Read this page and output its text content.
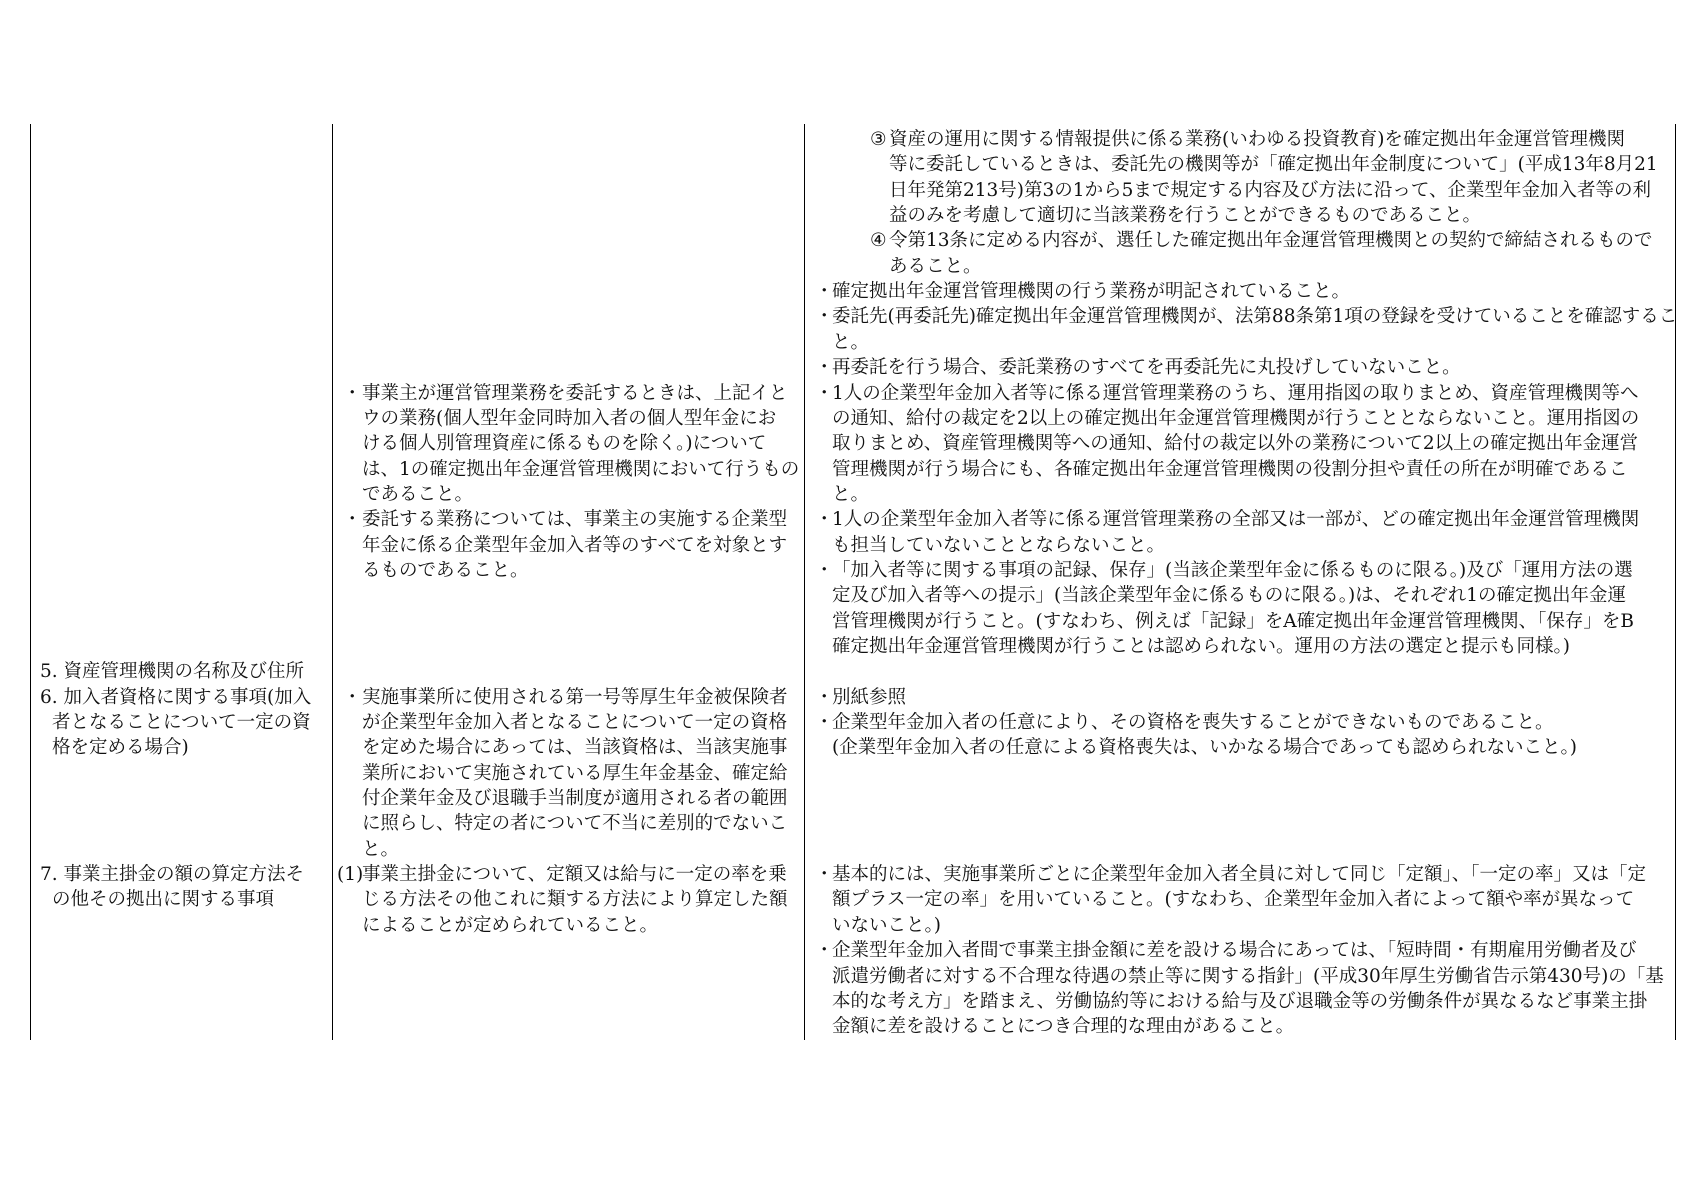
5. 資産管理機関の名称及び住所
6. 加入者資格に関する事項(加入
者となることについて一定の資
格を定める場合)
7. 事業主掛金の額の算定方法そ
の他その拠出に関する事項
・ 事業主が運営管理業務を委託するときは、上記イと
ウの業務(個人型年金同時加入者の個人型年金にお
ける個人別管理資産に係るものを除く。)について
は、1の確定拠出年金運営管理機関において行うもの
であること。
・ 委託する業務については、事業主の実施する企業型
年金に係る企業型年金加入者等のすべてを対象とす
るものであること。
・ 実施事業所に使用される第一号等厚生年金被保険者
が企業型年金加入者となることについて一定の資格
を定めた場合にあっては、当該資格は、当該実施事
業所において実施されている厚生年金基金、確定給
付企業年金及び退職手当制度が適用される者の範囲
に照らし、特定の者について不当に差別的でないこ
と。
(1)
事業主掛金について、定額又は給与に一定の率を乗
じる方法その他これに類する方法により算定した額
によることが定められていること。
③ 資産の運用に関する情報提供に係る業務(いわゆる投資教育)を確定拠出年金運営管理機関
等に委託しているときは、委託先の機関等が「確定拠出年金制度について」(平成13年8月21
日年発第213号)第3の1から5まで規定する内容及び方法に沿って、企業型年金加入者等の利
益のみを考慮して適切に当該業務を行うことができるものであること。
④ 令第13条に定める内容が、選任した確定拠出年金運営管理機関との契約で締結されるもので
あること。
・
確定拠出年金運営管理機関の行う業務が明記されていること。
・
委託先(再委託先)確定拠出年金運営管理機関が、法第88条第1項の登録を受けていることを確認するこ
と。
・
再委託を行う場合、委託業務のすべてを再委託先に丸投げしていないこと。
・
1人の企業型年金加入者等に係る運営管理業務のうち、運用指図の取りまとめ、資産管理機関等へ
の通知、給付の裁定を2以上の確定拠出年金運営管理機関が行うこととならないこと。運用指図の
取りまとめ、資産管理機関等への通知、給付の裁定以外の業務について2以上の確定拠出年金運営
管理機関が行う場合にも、各確定拠出年金運営管理機関の役割分担や責任の所在が明確であるこ
と。
・
1人の企業型年金加入者等に係る運営管理業務の全部又は一部が、どの確定拠出年金運営管理機関
も担当していないこととならないこと。
・
「加入者等に関する事項の記録、保存」(当該企業型年金に係るものに限る。)及び「運用方法の選
定及び加入者等への提示」(当該企業型年金に係るものに限る。)は、それぞれ1の確定拠出年金運
営管理機関が行うこと。(すなわち、例えば「記録」をA確定拠出年金運営管理機関、「保存」をB
確定拠出年金運営管理機関が行うことは認められない。運用の方法の選定と提示も同様。)
・
別紙参照
・
企業型年金加入者の任意により、その資格を喪失することができないものであること。
(企業型年金加入者の任意による資格喪失は、いかなる場合であっても認められないこと。)
・
基本的には、実施事業所ごとに企業型年金加入者全員に対して同じ「定額」、「一定の率」又は「定
額プラス一定の率」を用いていること。(すなわち、企業型年金加入者によって額や率が異なって
いないこと。)
・
企業型年金加入者間で事業主掛金額に差を設ける場合にあっては、「短時間・有期雇用労働者及び
派遣労働者に対する不合理な待遇の禁止等に関する指針」(平成30年厚生労働省告示第430号)の「基
本的な考え方」を踏まえ、労働協約等における給与及び退職金等の労働条件が異なるなど事業主掛
金額に差を設けることにつき合理的な理由があること。
